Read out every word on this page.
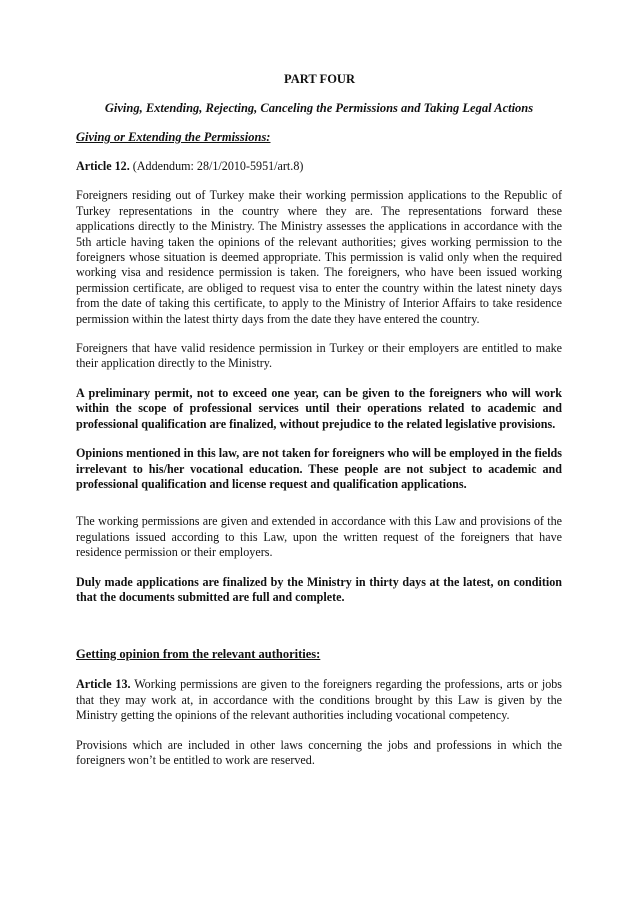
PART FOUR
Giving, Extending, Rejecting, Canceling the Permissions and Taking Legal Actions
Giving or Extending the Permissions:

Article 12. (Addendum: 28/1/2010-5951/art.8)

Foreigners residing out of Turkey make their working permission applications to the Republic of Turkey representations in the country where they are. The representations forward these applications directly to the Ministry. The Ministry assesses the applications in accordance with the 5th article having taken the opinions of the relevant authorities; gives working permission to the foreigners whose situation is deemed appropriate. This permission is valid only when the required working visa and residence permission is taken. The foreigners, who have been issued working permission certificate, are obliged to request visa to enter the country within the latest ninety days from the date of taking this certificate, to apply to the Ministry of Interior Affairs to take residence permission within the latest thirty days from the date they have entered the country.

Foreigners that have valid residence permission in Turkey or their employers are entitled to make their application directly to the Ministry.

A preliminary permit, not to exceed one year, can be given to the foreigners who will work within the scope of professional services until their operations related to academic and professional qualification are finalized, without prejudice to the related legislative provisions.

Opinions mentioned in this law, are not taken for foreigners who will be employed in the fields irrelevant to his/her vocational education. These people are not subject to academic and professional qualification and license request and qualification applications.

The working permissions are given and extended in accordance with this Law and provisions of the regulations issued according to this Law, upon the written request of the foreigners that have residence permission or their employers.

Duly made applications are finalized by the Ministry in thirty days at the latest, on condition that the documents submitted are full and complete.

Getting opinion from the relevant authorities:

Article 13. Working permissions are given to the foreigners regarding the professions, arts or jobs that they may work at, in accordance with the conditions brought by this Law is given by the Ministry getting the opinions of the relevant authorities including vocational competency.

Provisions which are included in other laws concerning the jobs and professions in which the foreigners won’t be entitled to work are reserved.
